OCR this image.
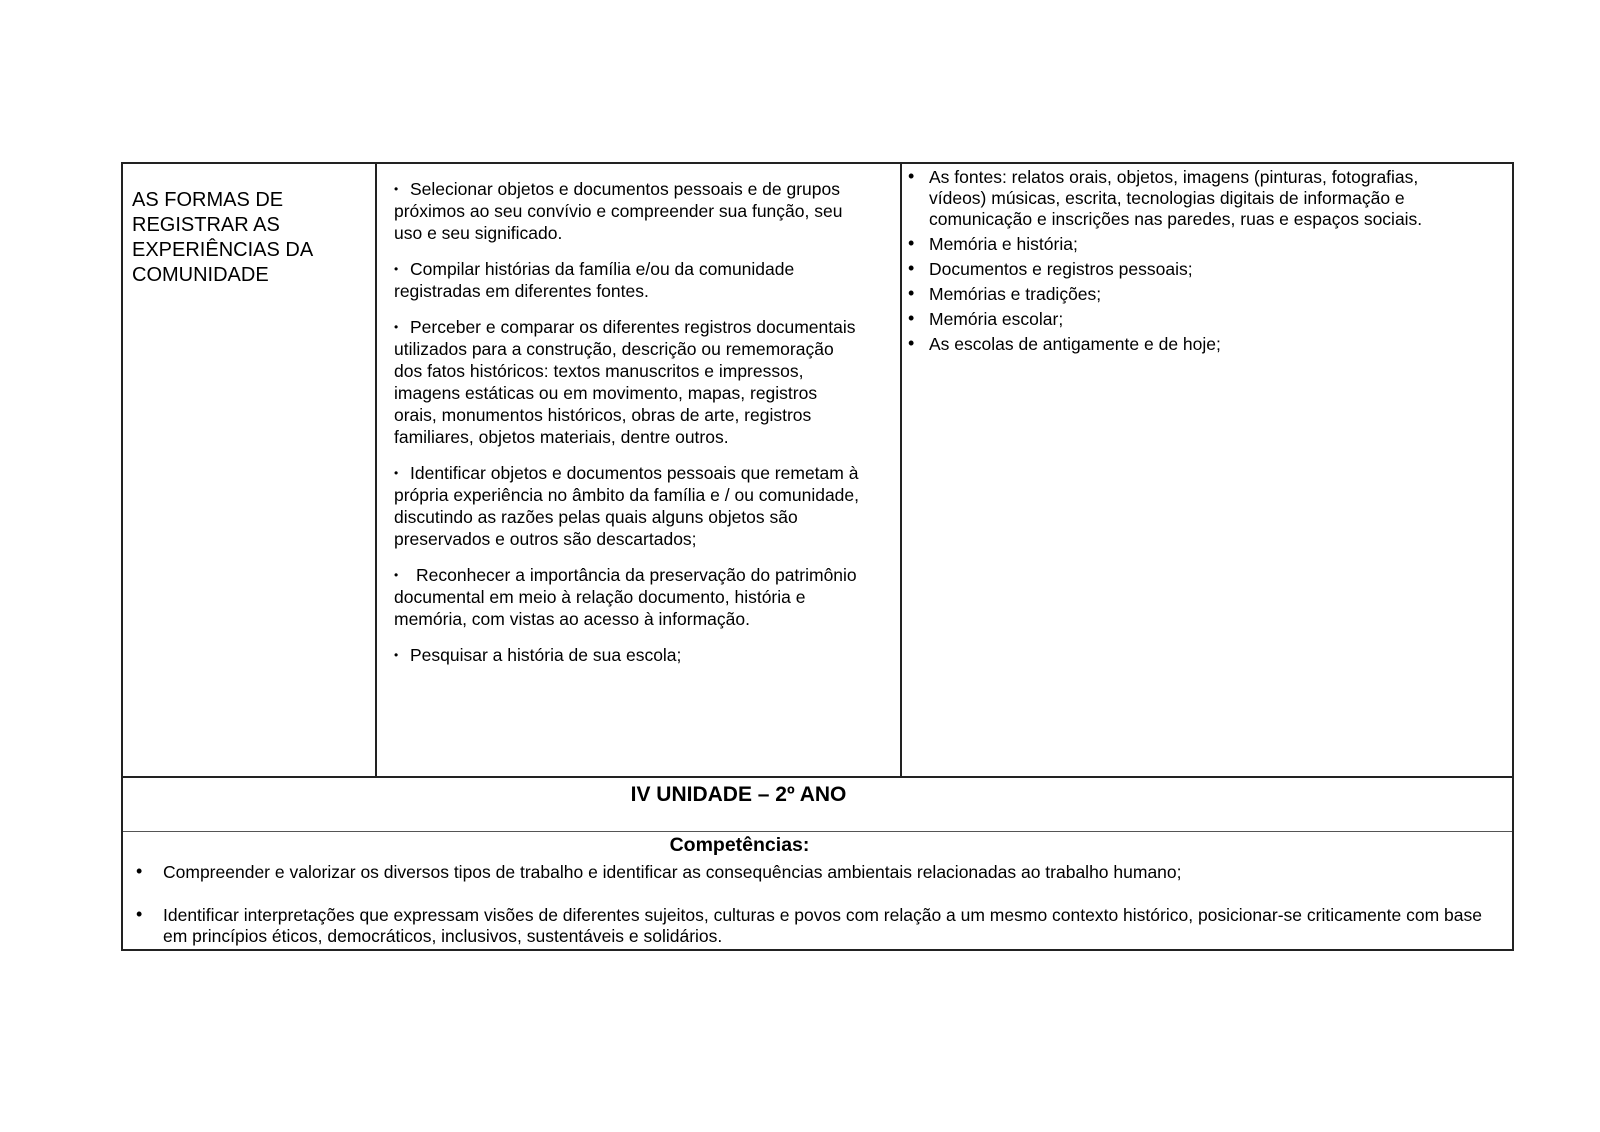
AS FORMAS DE REGISTRAR AS EXPERIÊNCIAS DA COMUNIDADE
• Selecionar objetos e documentos pessoais e de grupos próximos ao seu convívio e compreender sua função, seu uso e seu significado.
• Compilar histórias da família e/ou da comunidade registradas em diferentes fontes.
• Perceber e comparar os diferentes registros documentais utilizados para a construção, descrição ou rememoração dos fatos históricos: textos manuscritos e impressos, imagens estáticas ou em movimento, mapas, registros orais, monumentos históricos, obras de arte, registros familiares, objetos materiais, dentre outros.
• Identificar objetos e documentos pessoais que remetam à própria experiência no âmbito da família e / ou comunidade, discutindo as razões pelas quais alguns objetos são preservados e outros são descartados;
• Reconhecer a importância da preservação do patrimônio documental em meio à relação documento, história e memória, com vistas ao acesso à informação.
• Pesquisar a história de sua escola;
• As fontes: relatos orais, objetos, imagens (pinturas, fotografias, vídeos) músicas, escrita, tecnologias digitais de informação e comunicação e inscrições nas paredes, ruas e espaços sociais.
• Memória e história;
• Documentos e registros pessoais;
• Memórias e tradições;
• Memória escolar;
• As escolas de antigamente e de hoje;
IV UNIDADE – 2º ANO
Competências:
• Compreender e valorizar os diversos tipos de trabalho e identificar as consequências ambientais relacionadas ao trabalho humano;
• Identificar interpretações que expressam visões de diferentes sujeitos, culturas e povos com relação a um mesmo contexto histórico, posicionar-se criticamente com base em princípios éticos, democráticos, inclusivos, sustentáveis e solidários.
